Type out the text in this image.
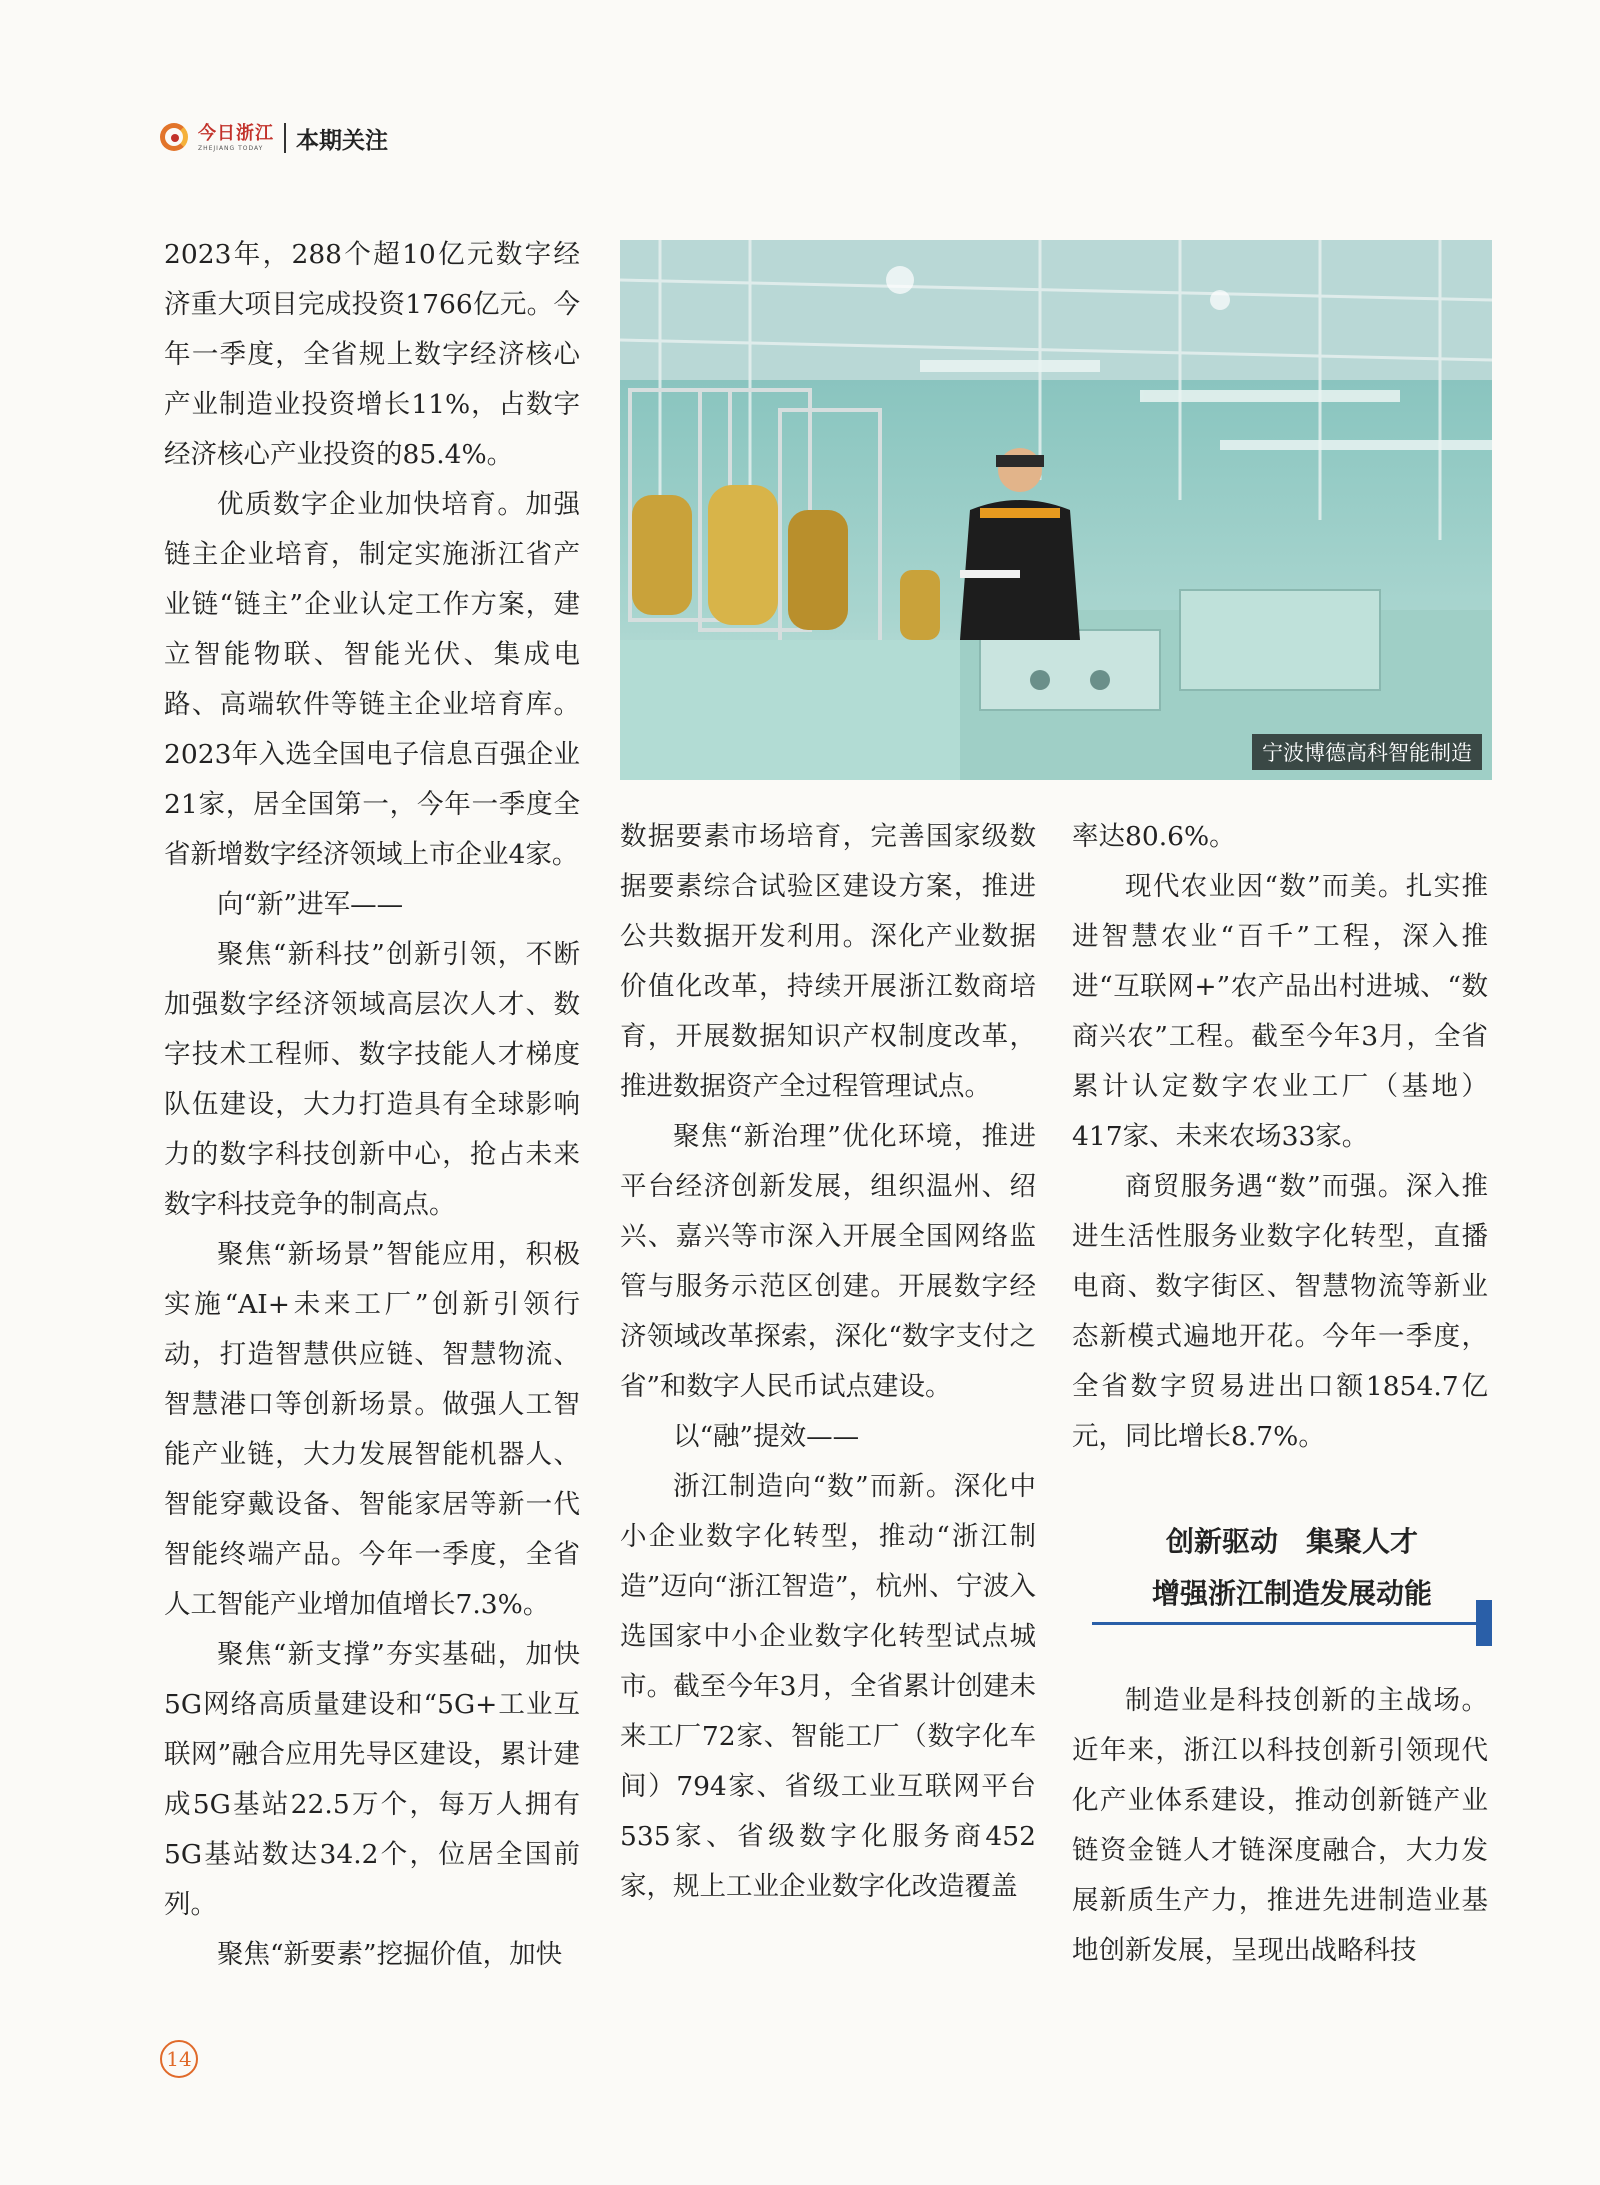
今日浙江
ZHEJIANG TODAY	本期关注
宁波博德高科智能制造

2023年，288个超10亿元数字经济重大项目完成投资1766亿元。今年一季度，全省规上数字经济核心产业制造业投资增长11%，占数字经济核心产业投资的85.4%。

优质数字企业加快培育。加强链主企业培育，制定实施浙江省产业链“链主”企业认定工作方案，建立智能物联、智能光伏、集成电路、高端软件等链主企业培育库。2023年入选全国电子信息百强企业21家，居全国第一，今年一季度全省新增数字经济领域上市企业4家。

向“新”进军——

聚焦“新科技”创新引领，不断加强数字经济领域高层次人才、数字技术工程师、数字技能人才梯度队伍建设，大力打造具有全球影响力的数字科技创新中心，抢占未来数字科技竞争的制高点。

聚焦“新场景”智能应用，积极实施“AI+未来工厂”创新引领行动，打造智慧供应链、智慧物流、智慧港口等创新场景。做强人工智能产业链，大力发展智能机器人、智能穿戴设备、智能家居等新一代智能终端产品。今年一季度，全省人工智能产业增加值增长7.3%。

聚焦“新支撑”夯实基础，加快5G网络高质量建设和“5G+工业互联网”融合应用先导区建设，累计建成5G基站22.5万个，每万人拥有5G基站数达34.2个，位居全国前列。

聚焦“新要素”挖掘价值，加快

数据要素市场培育，完善国家级数据要素综合试验区建设方案，推进公共数据开发利用。深化产业数据价值化改革，持续开展浙江数商培育，开展数据知识产权制度改革，推进数据资产全过程管理试点。

聚焦“新治理”优化环境，推进平台经济创新发展，组织温州、绍兴、嘉兴等市深入开展全国网络监管与服务示范区创建。开展数字经济领域改革探索，深化“数字支付之省”和数字人民币试点建设。

以“融”提效——

浙江制造向“数”而新。深化中小企业数字化转型，推动“浙江制造”迈向“浙江智造”，杭州、宁波入选国家中小企业数字化转型试点城市。截至今年3月，全省累计创建未来工厂72家、智能工厂（数字化车间）794家、省级工业互联网平台535家、省级数字化服务商452家，规上工业企业数字化改造覆盖

率达80.6%。

现代农业因“数”而美。扎实推进智慧农业“百千”工程，深入推进“互联网+”农产品出村进城、“数商兴农”工程。截至今年3月，全省累计认定数字农业工厂（基地）417家、未来农场33家。

商贸服务遇“数”而强。深入推进生活性服务业数字化转型，直播电商、数字街区、智慧物流等新业态新模式遍地开花。今年一季度，全省数字贸易进出口额1854.7亿元，同比增长8.7%。

创新驱动　集聚人才
增强浙江制造发展动能

制造业是科技创新的主战场。近年来，浙江以科技创新引领现代化产业体系建设，推动创新链产业链资金链人才链深度融合，大力发展新质生产力，推进先进制造业基地创新发展，呈现出战略科技

14
